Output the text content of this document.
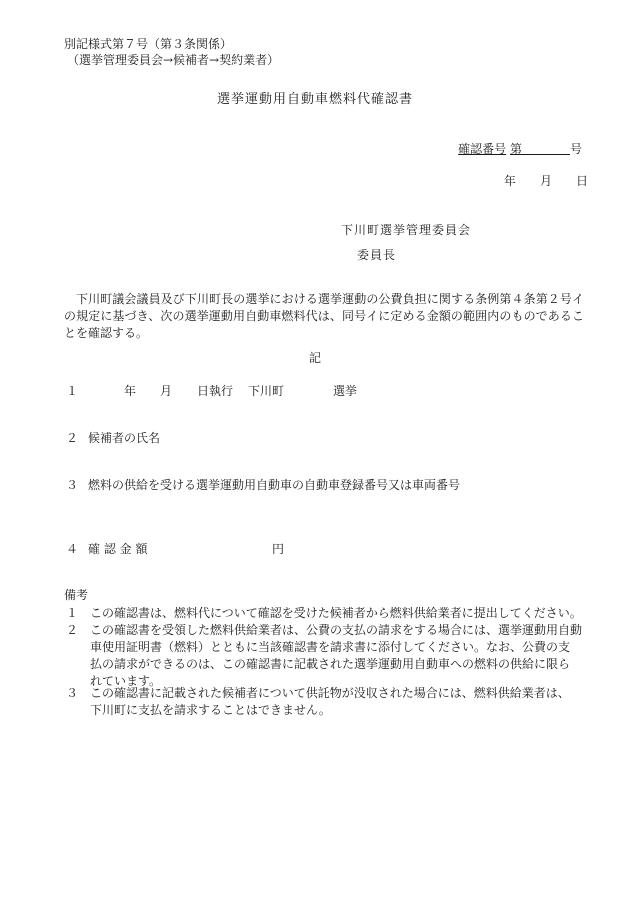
別記様式第７号（第３条関係）
（選挙管理委員会→候補者→契約業者）
選挙運動用自動車燃料代確認書
確認番号 第　　　　	号
年　　 月　　 日
下川町選挙管理委員会
委員長
下川町議会議員及び下川町長の選挙における選挙運動の公費負担に関する条例第４条第２号イの規定に基づき、次の選挙運動用自動車燃料代は、同号イに定める金額の範囲内のものであることを確認する。
記
１	年 月 日執行 下川町	選挙
２ 候補者の氏名
３ 燃料の供給を受ける選挙運動用自動車の自動車登録番号又は車両番号
４ 確 認 金 額	円
備考
１ この確認書は、燃料代について確認を受けた候補者から燃料供給業者に提出してください。
２ この確認書を受領した燃料供給業者は、公費の支払の請求をする場合には、選挙運動用自動
車使用証明書（燃料）とともに当該確認書を請求書に添付してください。なお、公費の支
払の請求ができるのは、この確認書に記載された選挙運動用自動車への燃料の供給に限ら
れています。
３ この確認書に記載された候補者について供託物が没収された場合には、燃料供給業者は、
下川町に支払を請求することはできません。
